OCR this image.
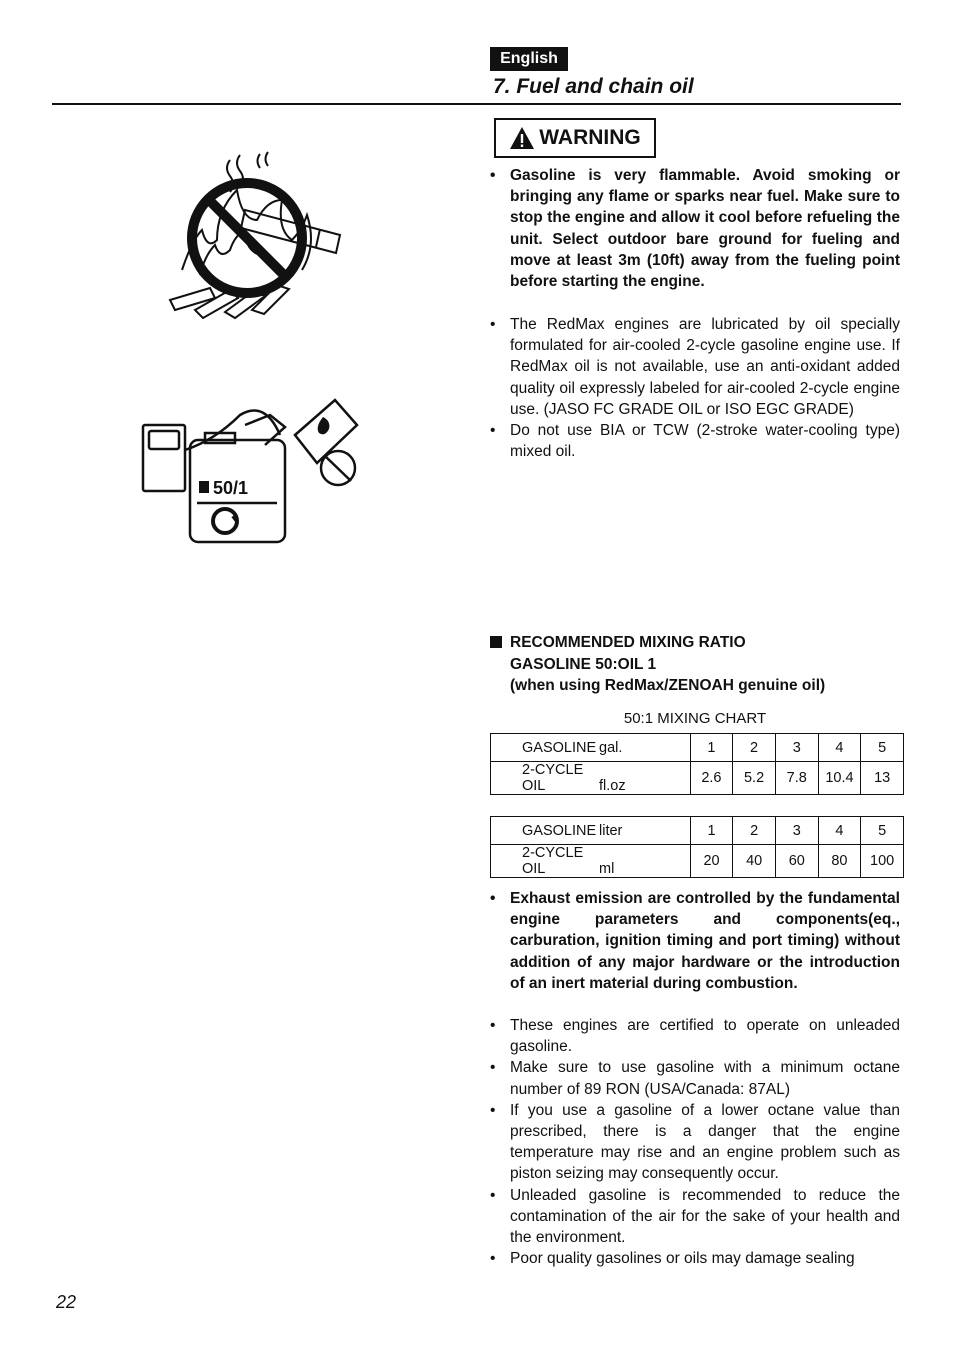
English
7. Fuel and chain oil
50/1
WARNING
• Gasoline is very flammable. Avoid smoking or bringing any flame or sparks near fuel. Make sure to stop the engine and allow it cool before refueling the unit. Select outdoor bare ground for fueling and move at least 3m (10ft) away from the fueling point before starting the engine.
• The RedMax engines are lubricated by oil specially formulated for air-cooled 2-cycle gasoline engine use. If RedMax oil is not available, use an anti-oxidant added quality oil expressly labeled for air-cooled 2-cycle engine use. (JASO FC GRADE OIL or ISO EGC GRADE)
• Do not use BIA or TCW (2-stroke water-cooling type) mixed oil.
RECOMMENDED MIXING RATIO
GASOLINE 50:OIL 1
(when using RedMax/ZENOAH genuine oil)
50:1 MIXING CHART
GASOLINE gal.	1	2	3	4	5
2-CYCLE OIL fl.oz	2.6	5.2	7.8	10.4	13
GASOLINE liter	1	2	3	4	5
2-CYCLE OIL ml	20	40	60	80	100
• Exhaust emission are controlled by the fundamental engine parameters and components(eq., carburation, ignition timing and port timing) without addition of any major hardware or the introduction of an inert material during combustion.
• These engines are certified to operate on unleaded gasoline.
• Make sure to use gasoline with a minimum octane number of 89 RON (USA/Canada: 87AL)
• If you use a gasoline of a lower octane value than prescribed, there is a danger that the engine temperature may rise and an engine problem such as piston seizing may consequently occur.
• Unleaded gasoline is recommended to reduce the contamination of the air for the sake of your health and the environment.
• Poor quality gasolines or oils may damage sealing
22
